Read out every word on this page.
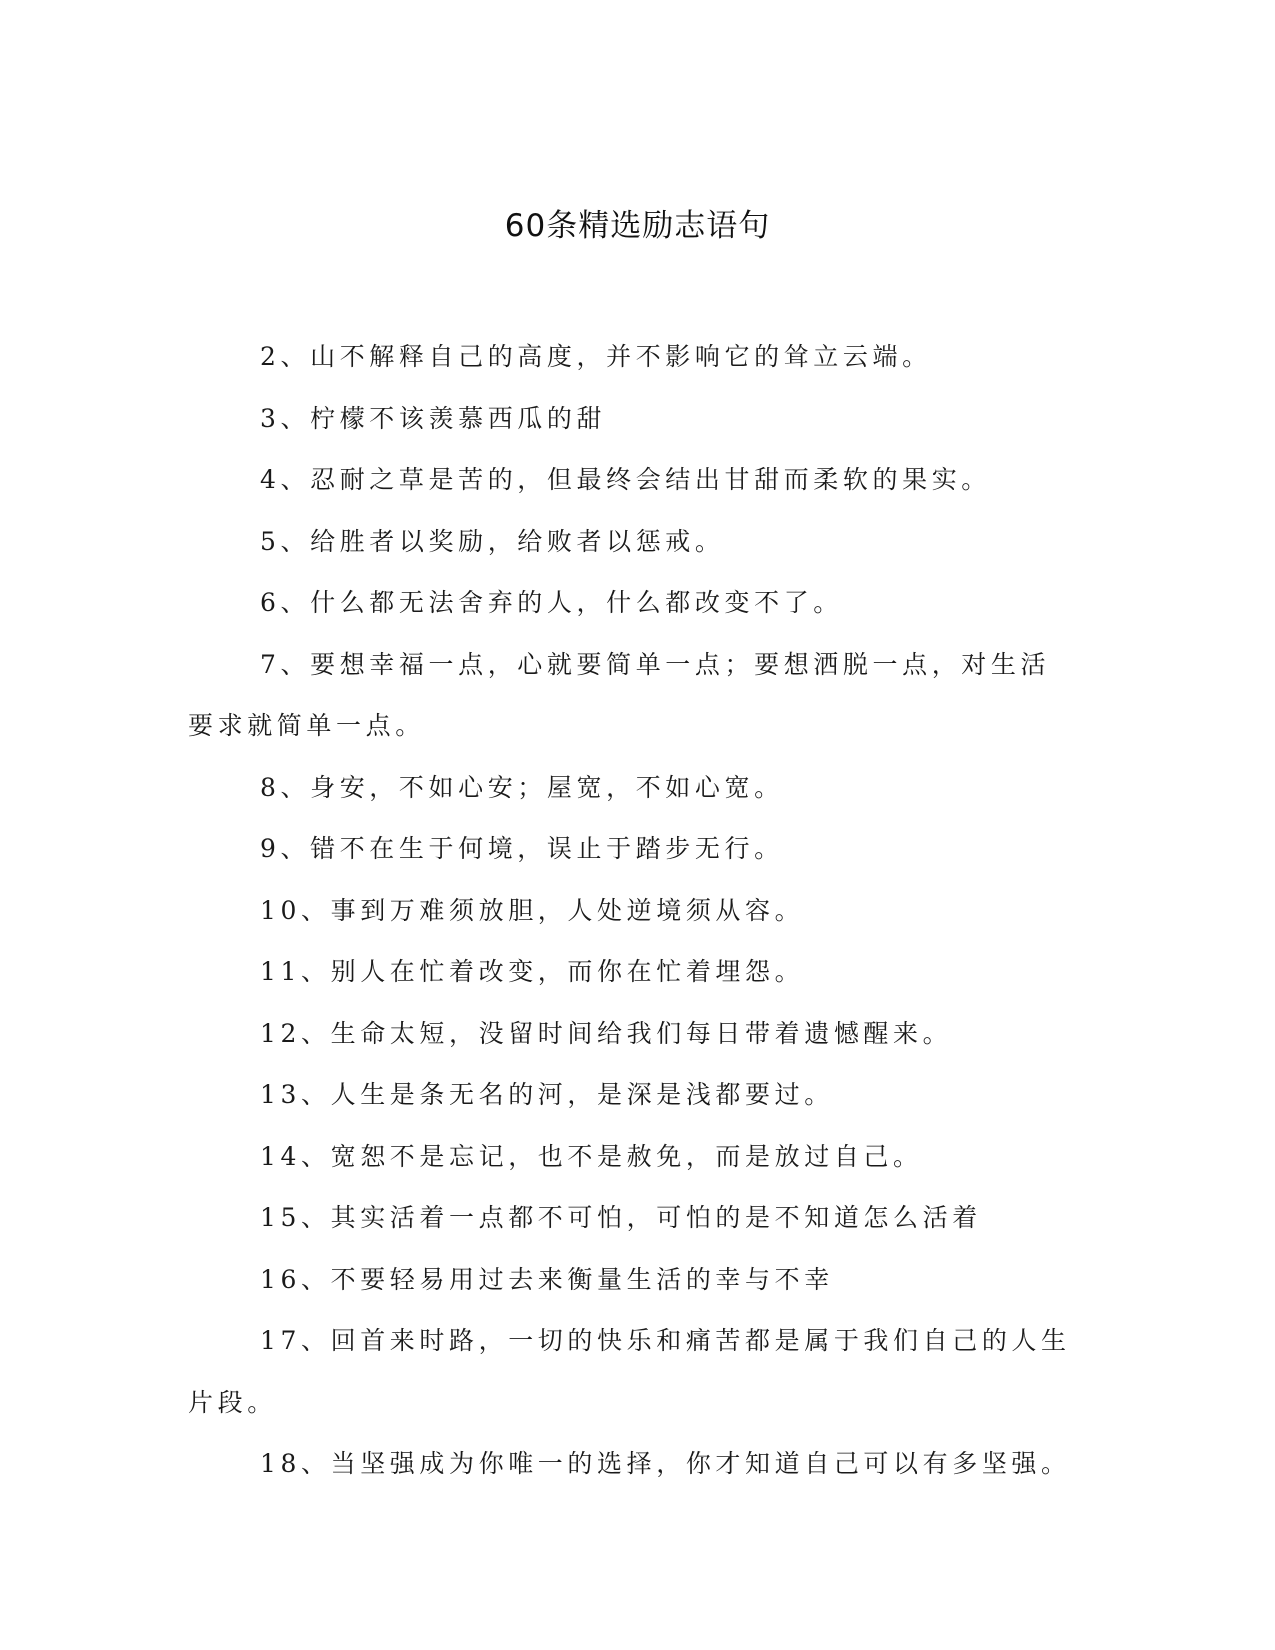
60条精选励志语句

2、山不解释自己的高度，并不影响它的耸立云端。

3、柠檬不该羡慕西瓜的甜

4、忍耐之草是苦的，但最终会结出甘甜而柔软的果实。

5、给胜者以奖励，给败者以惩戒。

6、什么都无法舍弃的人，什么都改变不了。

7、要想幸福一点，心就要简单一点；要想洒脱一点，对生活要求就简单一点。

8、身安，不如心安；屋宽，不如心宽。

9、错不在生于何境，误止于踏步无行。

10、事到万难须放胆，人处逆境须从容。

11、别人在忙着改变，而你在忙着埋怨。

12、生命太短，没留时间给我们每日带着遗憾醒来。

13、人生是条无名的河，是深是浅都要过。

14、宽恕不是忘记，也不是赦免，而是放过自己。

15、其实活着一点都不可怕，可怕的是不知道怎么活着

16、不要轻易用过去来衡量生活的幸与不幸

17、回首来时路，一切的快乐和痛苦都是属于我们自己的人生片段。

18、当坚强成为你唯一的选择，你才知道自己可以有多坚强。
